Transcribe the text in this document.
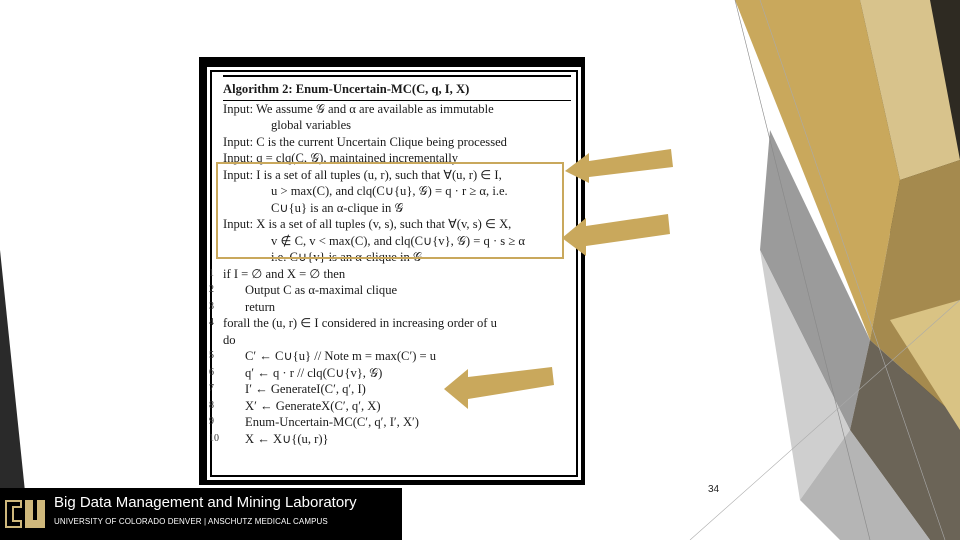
Algorithm 2: Enum-Uncertain-MC(C, q, I, X)
Input: We assume 𝒢 and α are available as immutable
global variables
Input: C is the current Uncertain Clique being processed
Input: q = clq(C, 𝒢), maintained incrementally
Input: I is a set of all tuples (u, r), such that ∀(u, r) ∈ I,
u > max(C), and clq(C∪{u}, 𝒢) = q · r ≥ α, i.e.
C∪{u} is an α-clique in 𝒢
Input: X is a set of all tuples (v, s), such that ∀(v, s) ∈ X,
v ∉ C, v < max(C), and clq(C∪{v}, 𝒢) = q · s ≥ α
i.e. C∪{v} is an α-clique in 𝒢
1 if I = ∅ and X = ∅ then
2 Output C as α-maximal clique
3 return
4 forall the (u, r) ∈ I considered in increasing order of u
do
5 C′ ← C∪{u} // Note m = max(C′) = u
6 q′ ← q · r // clq(C∪{v}, 𝒢)
7 I′ ← GenerateI(C′, q′, I)
8 X′ ← GenerateX(C′, q′, X)
9 Enum-Uncertain-MC(C′, q′, I′, X′)
10 X ← X∪{(u, r)}
34
Big Data Management and Mining Laboratory
UNIVERSITY OF COLORADO DENVER | ANSCHUTZ MEDICAL CAMPUS
